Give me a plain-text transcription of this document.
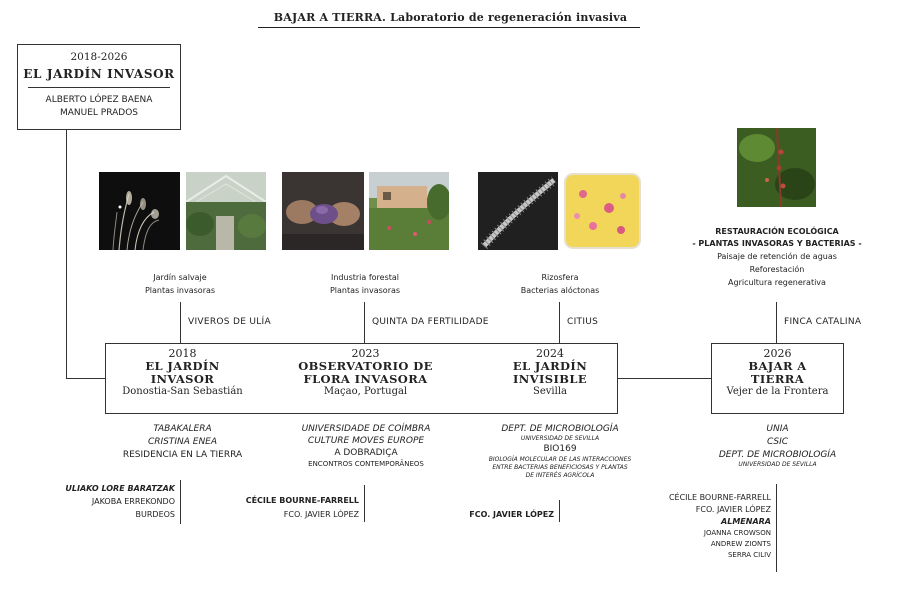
BAJAR A TIERRA. Laboratorio de regeneración invasiva
2018-2026
EL JARDÍN INVASOR
ALBERTO LÓPEZ BAENA
MANUEL PRADOS
Jardín salvaje
Plantas invasoras
Industria forestal
Plantas invasoras
Rizosfera
Bacterias alóctonas
RESTAURACIÓN ECOLÓGICA
- PLANTAS INVASORAS Y BACTERIAS -
Paisaje de retención de aguas
Reforestación
Agricultura regenerativa
VIVEROS DE ULÍA	QUINTA DA FERTILIDADE	CITIUS	FINCA CATALINA
2018
EL JARDÍN
INVASOR
Donostia-San Sebastián
2023
OBSERVATORIO DE
FLORA INVASORA
Maçao, Portugal
2024
EL JARDÍN
INVISIBLE
Sevilla
2026
BAJAR A
TIERRA
Vejer de la Frontera
TABAKALERA
CRISTINA ENEA
RESIDENCIA EN LA TIERRA
ULIAKO LORE BARATZAK
JAKOBA ERREKONDO
BURDEOS
UNIVERSIDADE DE COÍMBRA
CULTURE MOVES EUROPE
A DOBRADIÇA
ENCONTROS CONTEMPORÂNEOS
CÉCILE BOURNE-FARRELL
FCO. JAVIER LÓPEZ
DEPT. DE MICROBIOLOGÍA
UNIVERSIDAD DE SEVILLA
BIO169
BIOLOGÍA MOLECULAR DE LAS INTERACCIONES
ENTRE BACTERIAS BENEFICIOSAS Y PLANTAS
DE INTERÉS AGRÍCOLA
FCO. JAVIER LÓPEZ
UNIA
CSIC
DEPT. DE MICROBIOLOGÍA
UNIVERSIDAD DE SEVILLA
CÉCILE BOURNE-FARRELL
FCO. JAVIER LÓPEZ
ALMENARA
JOANNA CROWSON
ANDREW ZIONTS
SERRA CILIV
